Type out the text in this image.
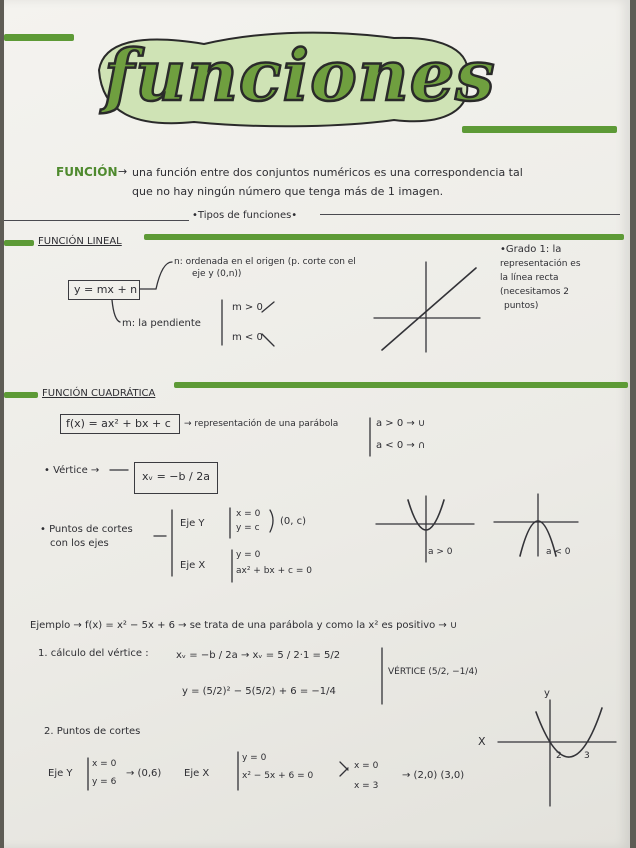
funciones
FUNCIÓN → una función entre dos conjuntos numéricos es una correspondencia tal
que no hay ningún número que tenga más de 1 imagen.
•Tipos de funciones•
FUNCIÓN LINEAL
n: ordenada en el origen (p. corte con el
eje y (0,n))
y = mx + n
m: la pendiente
m > 0
m < 0
•Grado 1: la
representación es
la línea recta
(necesitamos 2
puntos)
FUNCIÓN CUADRÁTICA
f(x) = ax² + bx + c → representación de una parábola	a > 0 → ∪
a < 0 → ∩
• Vértice →	xᵥ = −b / 2a
• Puntos de cortes
con los ejes
Eje Y
x = 0
y = c
(0, c)
Eje X
y = 0
ax² + bx + c = 0
a > 0	a < 0
Ejemplo → f(x) = x² − 5x + 6 → se trata de una parábola y como la x² es positivo → ∪
1. cálculo del vértice :	xᵥ = −b / 2a → xᵥ = 5 / 2·1 = 5/2
y = (5/2)² − 5(5/2) + 6 = −1/4
VÉRTICE (5/2, −1/4)
2. Puntos de cortes
Eje Y
x = 0
y = 6
→ (0,6) Eje X
y = 0
x² − 5x + 6 = 0
x = 0
x = 3
→ (2,0) (3,0)
y
X
2 3
